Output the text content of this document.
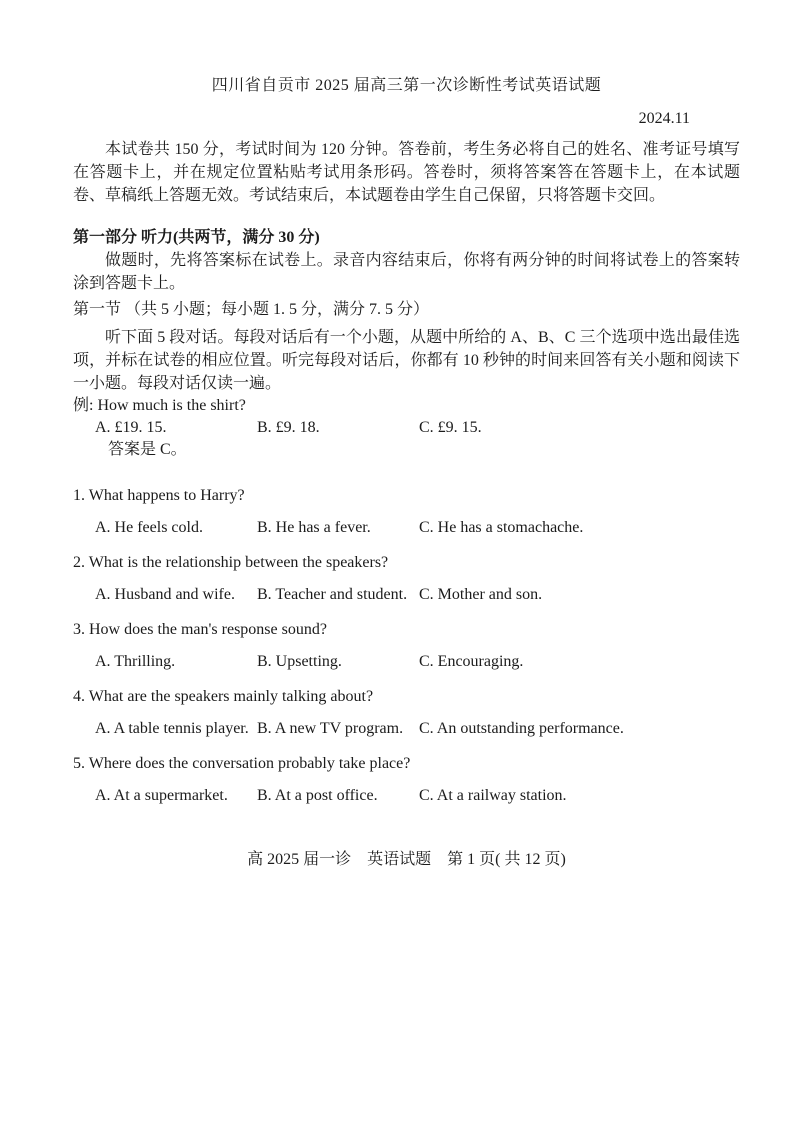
四川省自贡市 2025 届高三第一次诊断性考试英语试题
2024.11

本试卷共 150 分，考试时间为 120 分钟。答卷前，考生务必将自己的姓名、准考证号填写在答题卡上，并在规定位置粘贴考试用条形码。答卷时，须将答案答在答题卡上，在本试题卷、草稿纸上答题无效。考试结束后，本试题卷由学生自己保留，只将答题卡交回。

第一部分 听力(共两节，满分 30 分)

做题时，先将答案标在试卷上。录音内容结束后，你将有两分钟的时间将试卷上的答案转涂到答题卡上。

第一节 （共 5 小题；每小题 1. 5 分，满分 7. 5 分）

听下面 5 段对话。每段对话后有一个小题，从题中所给的 A、B、C 三个选项中选出最佳选项，并标在试卷的相应位置。听完每段对话后，你都有 10 秒钟的时间来回答有关小题和阅读下一小题。每段对话仅读一遍。

例: How much is the shirt?
A. £19. 15.	B. £9. 18.	C. £9. 15.
答案是 C。
1. What happens to Harry?
A. He feels cold.	B. He has a fever.	C. He has a stomachache.
2. What is the relationship between the speakers?
A. Husband and wife.	B. Teacher and student. C. Mother and son.
3. How does the man's response sound?
A. Thrilling.	B. Upsetting.	C. Encouraging.
4. What are the speakers mainly talking about?
A. A table tennis player. B. A new TV program. C. An outstanding performance.
5. Where does the conversation probably take place?
A. At a supermarket.	B. At a post office.	C. At a railway station.
高 2025 届一诊　英语试题　第 1 页( 共 12 页)
